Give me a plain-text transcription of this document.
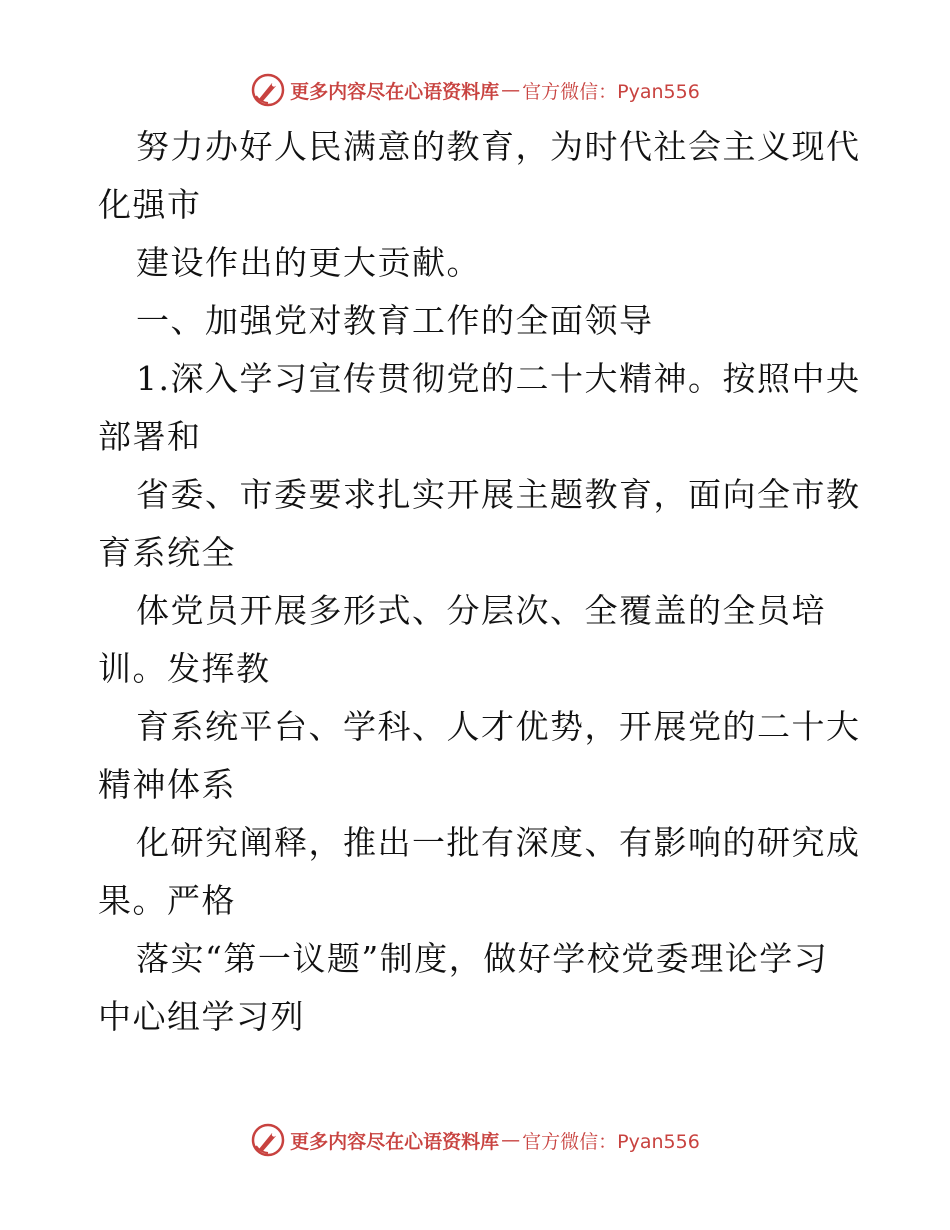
更多内容尽在心语资料库 — 官方微信：Pyan556
努力办好人民满意的教育，为时代社会主义现代
化强市
建设作出的更大贡献。
一、加强党对教育工作的全面领导
1.深入学习宣传贯彻党的二十大精神。按照中央
部署和
省委、市委要求扎实开展主题教育，面向全市教
育系统全
体党员开展多形式、分层次、全覆盖的全员培
训。发挥教
育系统平台、学科、人才优势，开展党的二十大
精神体系
化研究阐释，推出一批有深度、有影响的研究成
果。严格
落实“第一议题”制度，做好学校党委理论学习
中心组学习列
更多内容尽在心语资料库 — 官方微信：Pyan556
